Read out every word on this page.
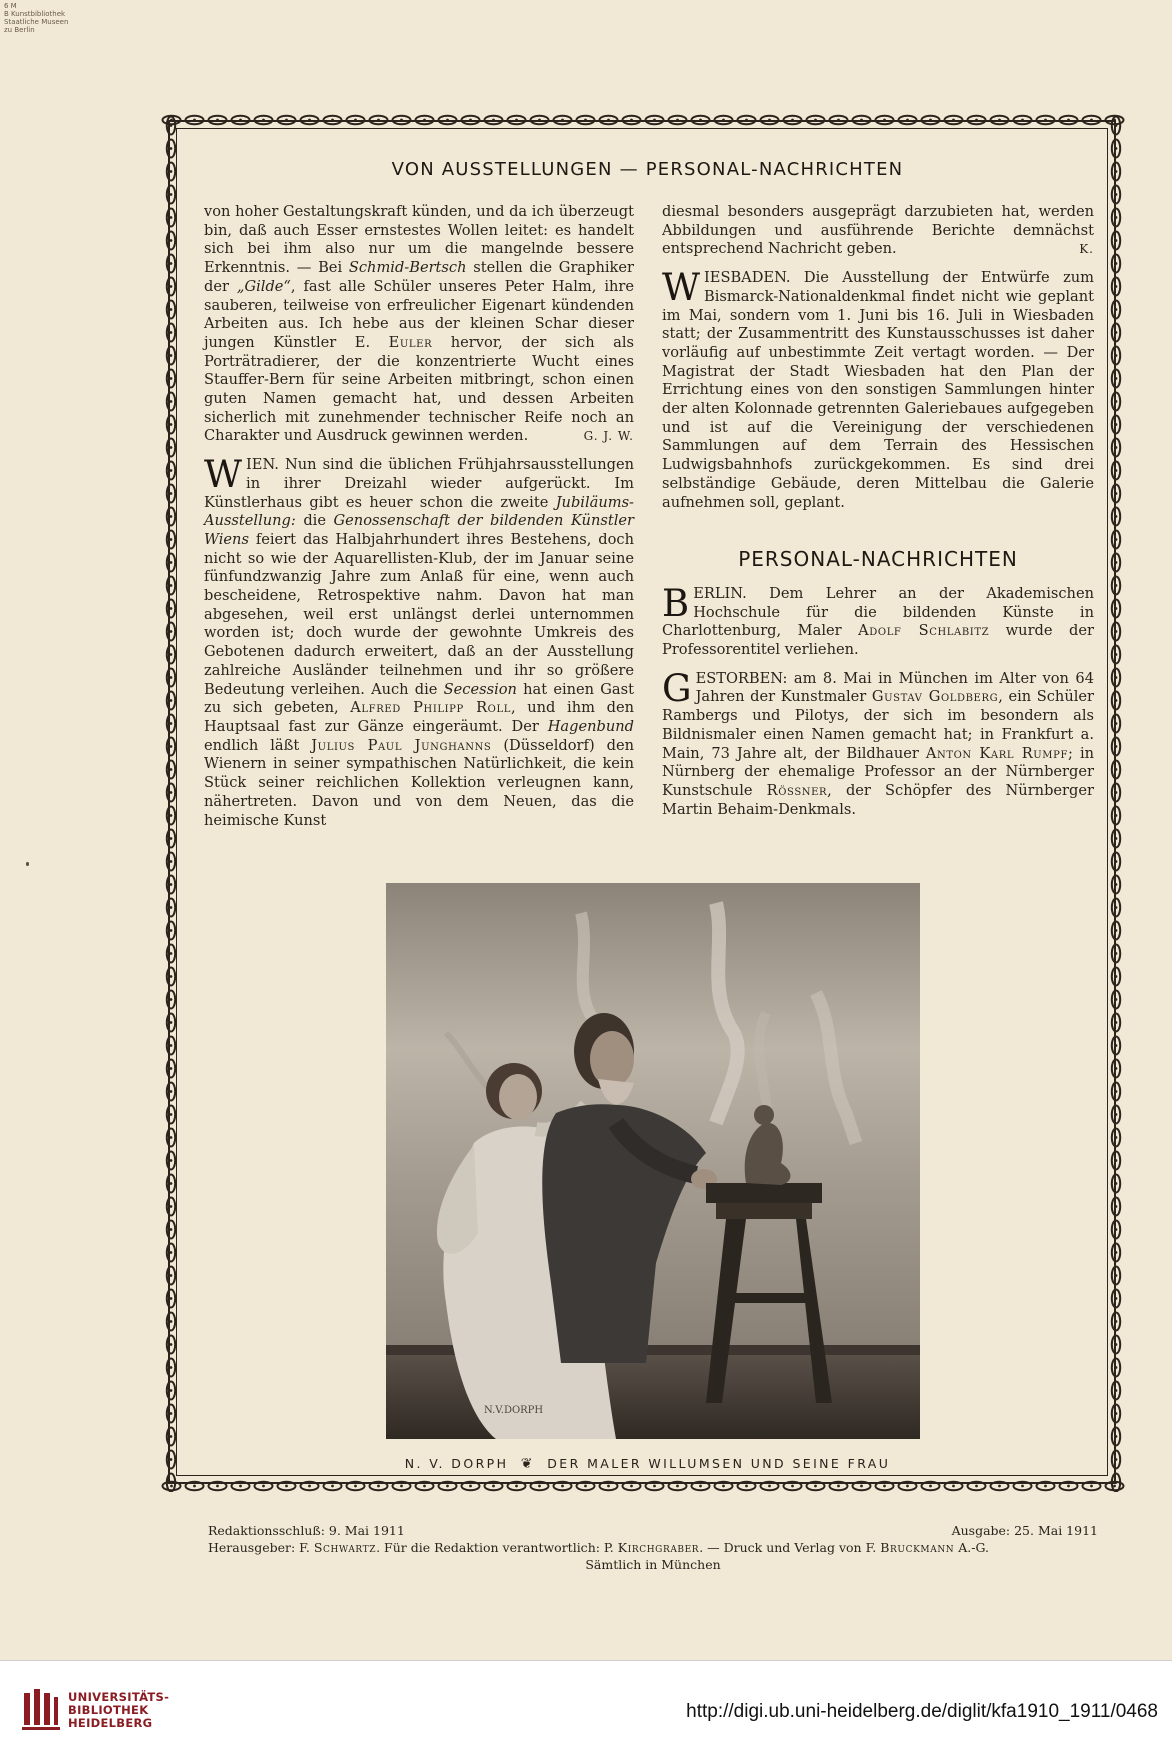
6 M
B Kunstbibliothek
Staatliche Museen
zu Berlin
VON AUSSTELLUNGEN — PERSONAL-NACHRICHTEN

von hoher Gestaltungskraft künden, und da ich überzeugt bin, daß auch Esser ernstestes Wollen leitet: es handelt sich bei ihm also nur um die mangelnde bessere Erkenntnis. — Bei Schmid-Bertsch stellen die Graphiker der „Gilde“, fast alle Schüler unseres Peter Halm, ihre sauberen, teilweise von erfreulicher Eigenart kündenden Arbeiten aus. Ich hebe aus der kleinen Schar dieser jungen Künstler E. Euler hervor, der sich als Porträtradierer, der die konzentrierte Wucht eines Stauffer-Bern für seine Arbeiten mitbringt, schon einen guten Namen gemacht hat, und dessen Arbeiten sicherlich mit zunehmender technischer Reife noch an Charakter und Ausdruck gewinnen werden.	G. J. W.

WIEN. Nun sind die üblichen Frühjahrsausstellungen in ihrer Dreizahl wieder aufgerückt. Im Künstlerhaus gibt es heuer schon die zweite Jubiläums-Ausstellung: die Genossenschaft der bildenden Künstler Wiens feiert das Halbjahrhundert ihres Bestehens, doch nicht so wie der Aquarellisten-Klub, der im Januar seine fünfundzwanzig Jahre zum Anlaß für eine, wenn auch bescheidene, Retrospektive nahm. Davon hat man abgesehen, weil erst unlängst derlei unternommen worden ist; doch wurde der gewohnte Umkreis des Gebotenen dadurch erweitert, daß an der Ausstellung zahlreiche Ausländer teilnehmen und ihr so größere Bedeutung verleihen. Auch die Secession hat einen Gast zu sich gebeten, Alfred Philipp Roll, und ihm den Hauptsaal fast zur Gänze eingeräumt. Der Hagenbund endlich läßt Julius Paul Junghanns (Düsseldorf) den Wienern in seiner sympathischen Natürlichkeit, die kein Stück seiner reichlichen Kollektion verleugnen kann, nähertreten. Davon und von dem Neuen, das die heimische Kunst

diesmal besonders ausgeprägt darzubieten hat, werden Abbildungen und ausführende Berichte demnächst entsprechend Nachricht geben.	K.

WIESBADEN. Die Ausstellung der Entwürfe zum Bismarck-Nationaldenkmal findet nicht wie geplant im Mai, sondern vom 1. Juni bis 16. Juli in Wiesbaden statt; der Zusammentritt des Kunstausschusses ist daher vorläufig auf unbestimmte Zeit vertagt worden. — Der Magistrat der Stadt Wiesbaden hat den Plan der Errichtung eines von den sonstigen Sammlungen hinter der alten Kolonnade getrennten Galeriebaues aufgegeben und ist auf die Vereinigung der verschiedenen Sammlungen auf dem Terrain des Hessischen Ludwigsbahnhofs zurückgekommen. Es sind drei selbständige Gebäude, deren Mittelbau die Galerie aufnehmen soll, geplant.

PERSONAL-NACHRICHTEN

BERLIN. Dem Lehrer an der Akademischen Hochschule für die bildenden Künste in Charlottenburg, Maler Adolf Schlabitz wurde der Professorentitel verliehen.

GESTORBEN: am 8. Mai in München im Alter von 64 Jahren der Kunstmaler Gustav Goldberg, ein Schüler Rambergs und Pilotys, der sich im besondern als Bildnismaler einen Namen gemacht hat; in Frankfurt a. Main, 73 Jahre alt, der Bildhauer Anton Karl Rumpf; in Nürnberg der ehemalige Professor an der Nürnberger Kunstschule Rössner, der Schöpfer des Nürnberger Martin Behaim-Denkmals.

N.V.DORPH
N. V. DORPH ❦ DER MALER WILLUMSEN UND SEINE FRAU
Redaktionsschluß: 9. Mai 1911	Ausgabe: 25. Mai 1911
Herausgeber: F. Schwartz. Für die Redaktion verantwortlich: P. Kirchgraber. — Druck und Verlag von F. Bruckmann A.-G.
Sämtlich in München
UNIVERSITÄTS-
BIBLIOTHEK
HEIDELBERG
http://digi.ub.uni-heidelberg.de/diglit/kfa1910_1911/0468
